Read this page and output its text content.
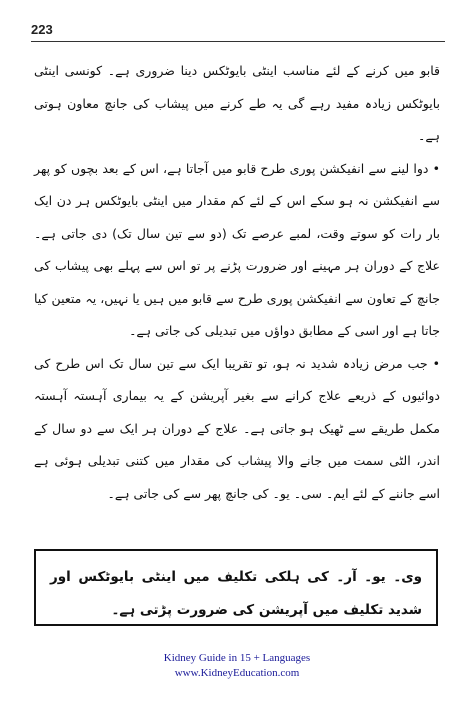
223

قابو میں کرنے کے لئے مناسب اینٹی بایوٹکس دینا ضروری ہے۔ کونسی اینٹی بایوٹکس زیادہ مفید رہے گی یہ طے کرنے میں پیشاب کی جانچ معاون ہوتی ہے۔

• دوا لینے سے انفیکشن پوری طرح قابو میں آجاتا ہے، اس کے بعد بچوں کو پھر سے انفیکشن نہ ہو سکے اس کے لئے کم مقدار میں اینٹی بایوٹکس ہر دن ایک بار رات کو سوتے وقت، لمبے عرصے تک (دو سے تین سال تک) دی جاتی ہے۔ علاج کے دوران ہر مہینے اور ضرورت پڑنے پر تو اس سے پہلے بھی پیشاب کی جانچ کے تعاون سے انفیکشن پوری طرح سے قابو میں ہیں یا نہیں، یہ متعین کیا جاتا ہے اور اسی کے مطابق دواؤں میں تبدیلی کی جاتی ہے۔

• جب مرض زیادہ شدید نہ ہو، تو تقریبا ایک سے تین سال تک اس طرح کی دوائیوں کے ذریعے علاج کرانے سے بغیر آپریشن کے یہ بیماری آہستہ آہستہ مکمل طریقے سے ٹھیک ہو جاتی ہے۔ علاج کے دوران ہر ایک سے دو سال کے اندر، الٹی سمت میں جانے والا پیشاب کی مقدار میں کتنی تبدیلی ہوئی ہے اسے جاننے کے لئے ایم۔ سی۔ یو۔ کی جانچ پھر سے کی جاتی ہے۔

وی۔ یو۔ آر۔ کی ہلکی تکلیف میں اینٹی بایوٹکس اور شدید تکلیف میں آپریشن کی ضرورت پڑتی ہے۔
Kidney Guide in 15 + Languages
www.KidneyEducation.com
